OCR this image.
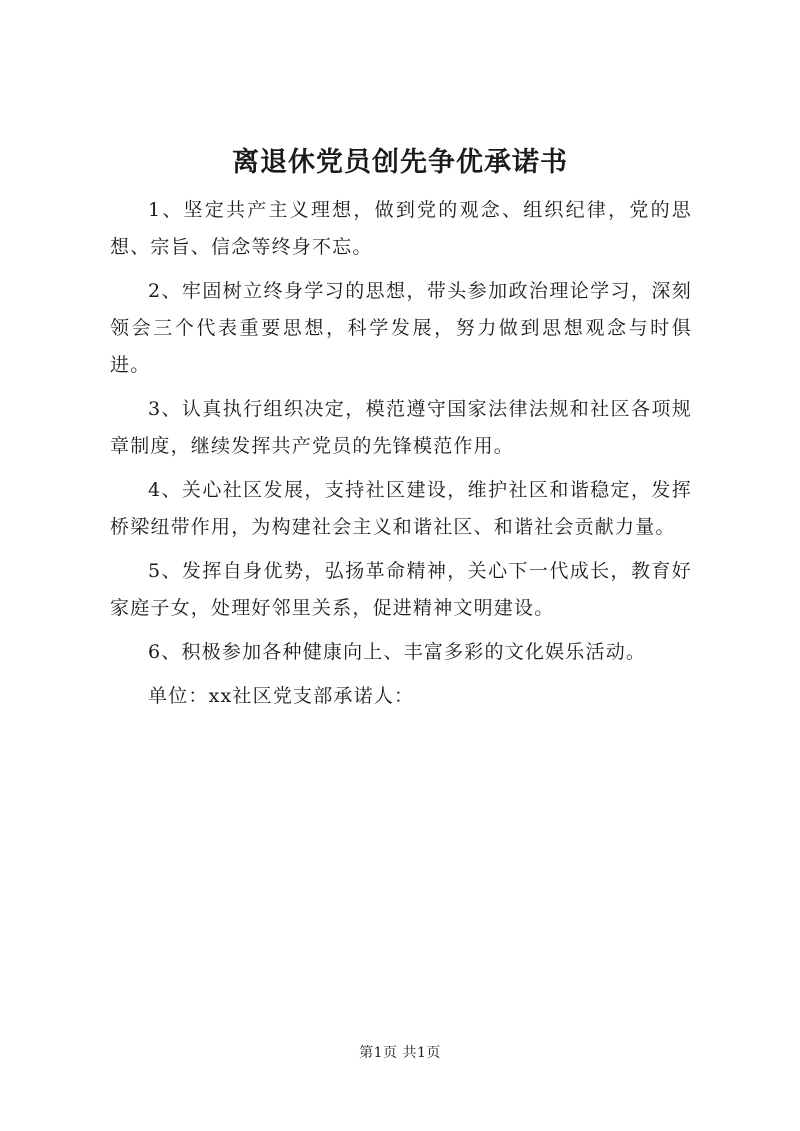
离退休党员创先争优承诺书

1、坚定共产主义理想，做到党的观念、组织纪律，党的思想、宗旨、信念等终身不忘。

2、牢固树立终身学习的思想，带头参加政治理论学习，深刻领会三个代表重要思想，科学发展，努力做到思想观念与时俱进。

3、认真执行组织决定，模范遵守国家法律法规和社区各项规章制度，继续发挥共产党员的先锋模范作用。

4、关心社区发展，支持社区建设，维护社区和谐稳定，发挥桥梁纽带作用，为构建社会主义和谐社区、和谐社会贡献力量。

5、发挥自身优势，弘扬革命精神，关心下一代成长，教育好家庭子女，处理好邻里关系，促进精神文明建设。

6、积极参加各种健康向上、丰富多彩的文化娱乐活动。

单位：xx社区党支部承诺人：

第1页 共1页
